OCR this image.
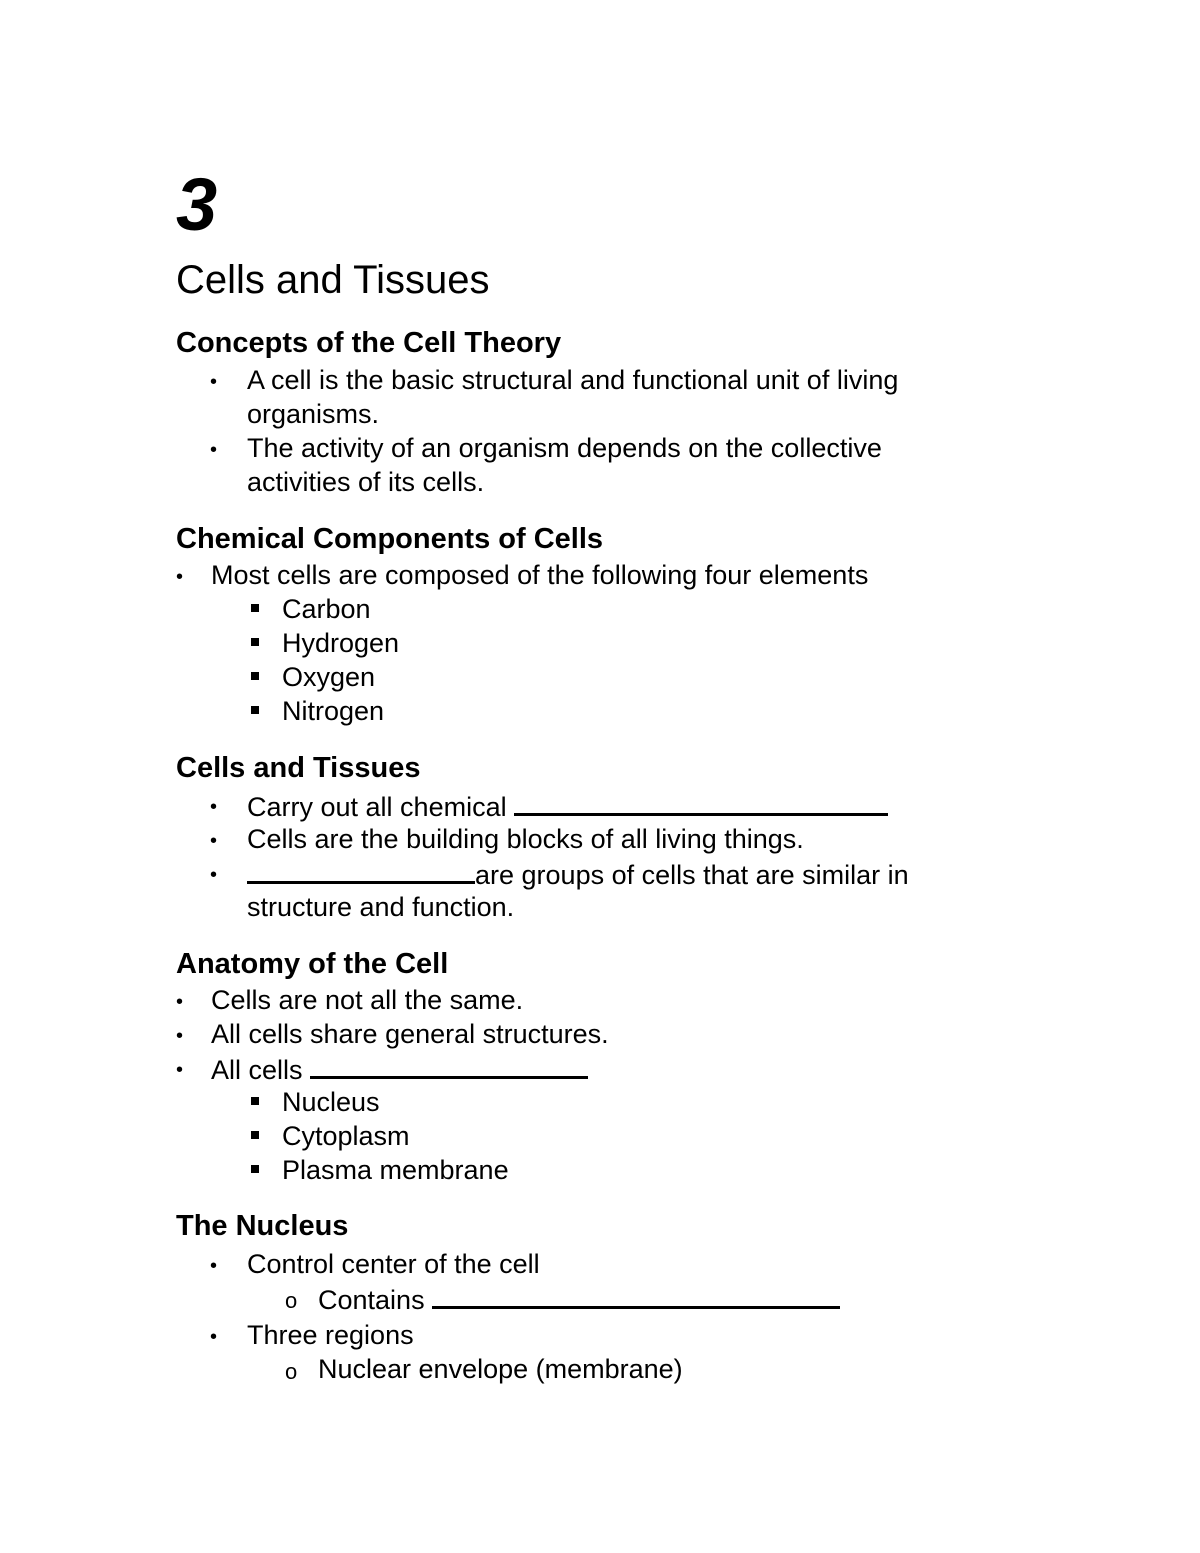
3
Cells and Tissues
Concepts of the Cell Theory
• A cell is the basic structural and functional unit of living
organisms.
• The activity of an organism depends on the collective
activities of its cells.
Chemical Components of Cells
• Most cells are composed of the following four elements
Carbon
Hydrogen
Oxygen
Nitrogen
Cells and Tissues
• Carry out all chemical
• Cells are the building blocks of all living things.
•	are groups of cells that are similar in
structure and function.
Anatomy of the Cell
• Cells are not all the same.
• All cells share general structures.
• All cells
Nucleus
Cytoplasm
Plasma membrane
The Nucleus
• Control center of the cell
o Contains
• Three regions
o Nuclear envelope (membrane)
